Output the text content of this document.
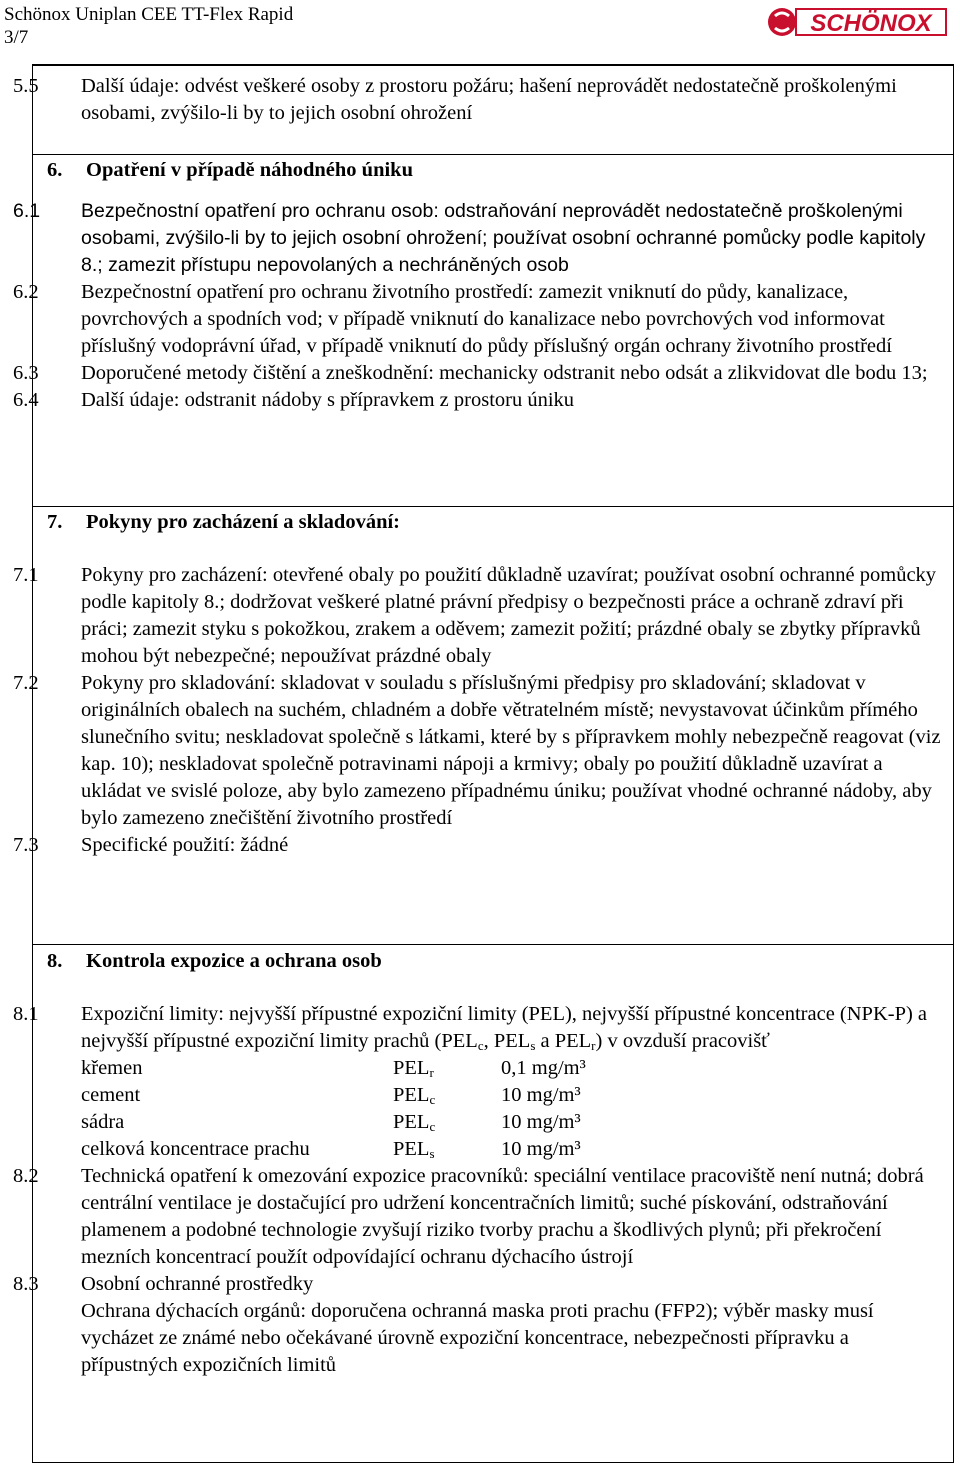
Schönox Uniplan CEE TT-Flex Rapid
3/7
SCHÖNOX

5.5 Další údaje: odvést veškeré osoby z prostoru požáru; hašení neprovádět nedostatečně proškolenými osobami, zvýšilo-li by to jejich osobní ohrožení

6. Opatření v případě náhodného úniku

6.1 Bezpečnostní opatření pro ochranu osob: odstraňování neprovádět nedostatečně proškolenými osobami, zvýšilo-li by to jejich osobní ohrožení; používat osobní ochranné pomůcky podle kapitoly 8.; zamezit přístupu nepovolaných a nechráněných osob

6.2 Bezpečnostní opatření pro ochranu životního prostředí: zamezit vniknutí do půdy, kanalizace, povrchových a spodních vod; v případě vniknutí do kanalizace nebo povrchových vod informovat příslušný vodoprávní úřad, v případě vniknutí do půdy příslušný orgán ochrany životního prostředí

6.3 Doporučené metody čištění a zneškodnění: mechanicky odstranit nebo odsát a zlikvidovat dle bodu 13;

6.4 Další údaje: odstranit nádoby s přípravkem z prostoru úniku

7. Pokyny pro zacházení a skladování:

7.1 Pokyny pro zacházení: otevřené obaly po použití důkladně uzavírat; používat osobní ochranné pomůcky podle kapitoly 8.; dodržovat veškeré platné právní předpisy o bezpečnosti práce a ochraně zdraví při práci; zamezit styku s pokožkou, zrakem a oděvem; zamezit požití; prázdné obaly se zbytky přípravků mohou být nebezpečné; nepoužívat prázdné obaly

7.2 Pokyny pro skladování: skladovat v souladu s příslušnými předpisy pro skladování; skladovat v originálních obalech na suchém, chladném a dobře větratelném místě; nevystavovat účinkům přímého slunečního svitu; neskladovat společně s látkami, které by s přípravkem mohly nebezpečně reagovat (viz kap. 10); neskladovat společně potravinami nápoji a krmivy; obaly po použití důkladně uzavírat a ukládat ve svislé poloze, aby bylo zamezeno případnému úniku; používat vhodné ochranné nádoby, aby bylo zamezeno znečištění životního prostředí

7.3 Specifické použití: žádné

8. Kontrola expozice a ochrana osob

8.1 Expoziční limity: nejvyšší přípustné expoziční limity (PEL), nejvyšší přípustné koncentrace (NPK-P) a nejvyšší přípustné expoziční limity prachů ($PEL_c$, $PEL_s$ a $PEL_r$) v ovzduší pracovišť

křemen	$PEL_r$	0,1 mg/m³
cement	$PEL_c$	10 mg/m³
sádra	$PEL_c$	10 mg/m³
celková koncentrace prachu	$PEL_s$	10 mg/m³

8.2 Technická opatření k omezování expozice pracovníků: speciální ventilace pracoviště není nutná; dobrá centrální ventilace je dostačující pro udržení koncentračních limitů; suché pískování, odstraňování plamenem a podobné technologie zvyšují riziko tvorby prachu a škodlivých plynů; při překročení mezních koncentrací použít odpovídající ochranu dýchacího ústrojí

8.3 Osobní ochranné prostředky

Ochrana dýchacích orgánů: doporučena ochranná maska proti prachu (FFP2); výběr masky musí vycházet ze známé nebo očekávané úrovně expoziční koncentrace, nebezpečnosti přípravku a přípustných expozičních limitů
